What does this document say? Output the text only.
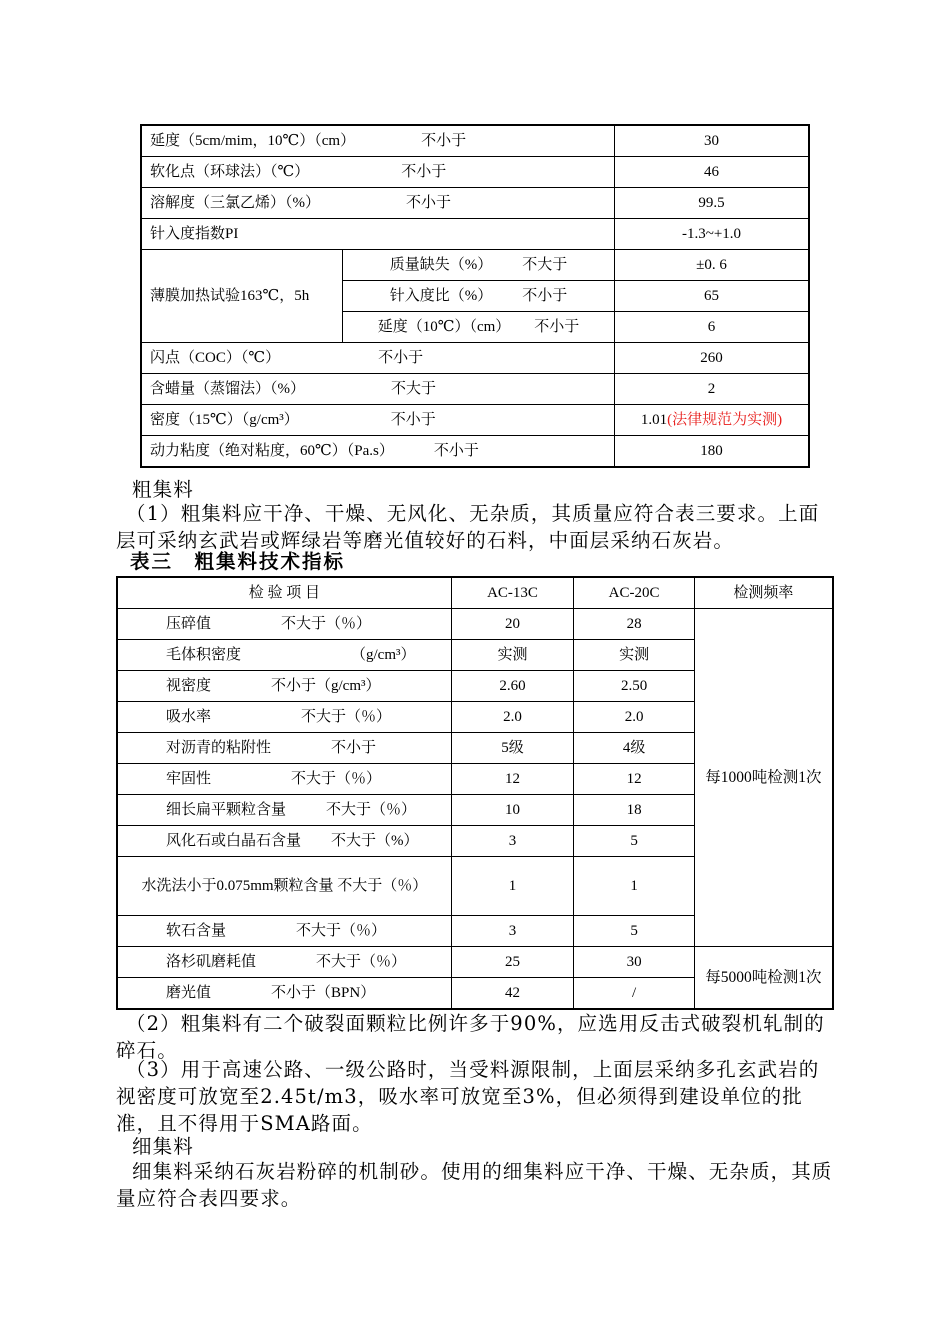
延度（5cm/mim，10℃）（cm） 不小于		30
软化点（环球法）（℃） 不小于		46
溶解度（三氯乙烯）（%） 不小于		99.5
针入度指数PI		-1.3~+1.0
薄膜加热试验163℃，5h	质量缺失（%） 不大于	±0. 6
	针入度比（%） 不小于	65
	延度（10℃）（cm） 不小于	6
闪点（COC）（℃） 不小于		260
含蜡量（蒸馏法）（%） 不大于		2
密度（15℃）（g/cm³） 不小于		1.01(法律规范为实测)
动力粘度（绝对粘度，60℃）（Pa.s） 不小于		180

粗集料

（1）粗集料应干净、干燥、无风化、无杂质，其质量应符合表三要求。上面层可采纳玄武岩或辉绿岩等磨光值较好的石料，中面层采纳石灰岩。

表三　粗集料技术指标

检 验 项 目	AC-13C	AC-20C	检测频率
压碎值 不大于（％）	20	28	每1000吨检测1次
毛体积密度 （g/cm³）	实测	实测	
视密度 不小于（g/cm³）	2.60	2.50	
吸水率 不大于（％）	2.0	2.0	
对沥青的粘附性 不小于	5级	4级	
牢固性 不大于（％）	12	12	
细长扁平颗粒含量 不大于（％）	10	18	
风化石或白晶石含量 不大于（%）	3	5	
水洗法小于0.075mm颗粒含量 不大于（％）	1	1	
软石含量 不大于（％）	3	5	
洛杉矶磨耗值 不大于（％）	25	30	每5000吨检测1次
磨光值 不小于（BPN）	42	/	

（2）粗集料有二个破裂面颗粒比例许多于90%，应选用反击式破裂机轧制的碎石。

（3）用于高速公路、一级公路时，当受料源限制，上面层采纳多孔玄武岩的视密度可放宽至2.45t/m3，吸水率可放宽至3%，但必须得到建设单位的批准，且不得用于SMA路面。

细集料

细集料采纳石灰岩粉碎的机制砂。使用的细集料应干净、干燥、无杂质，其质量应符合表四要求。
